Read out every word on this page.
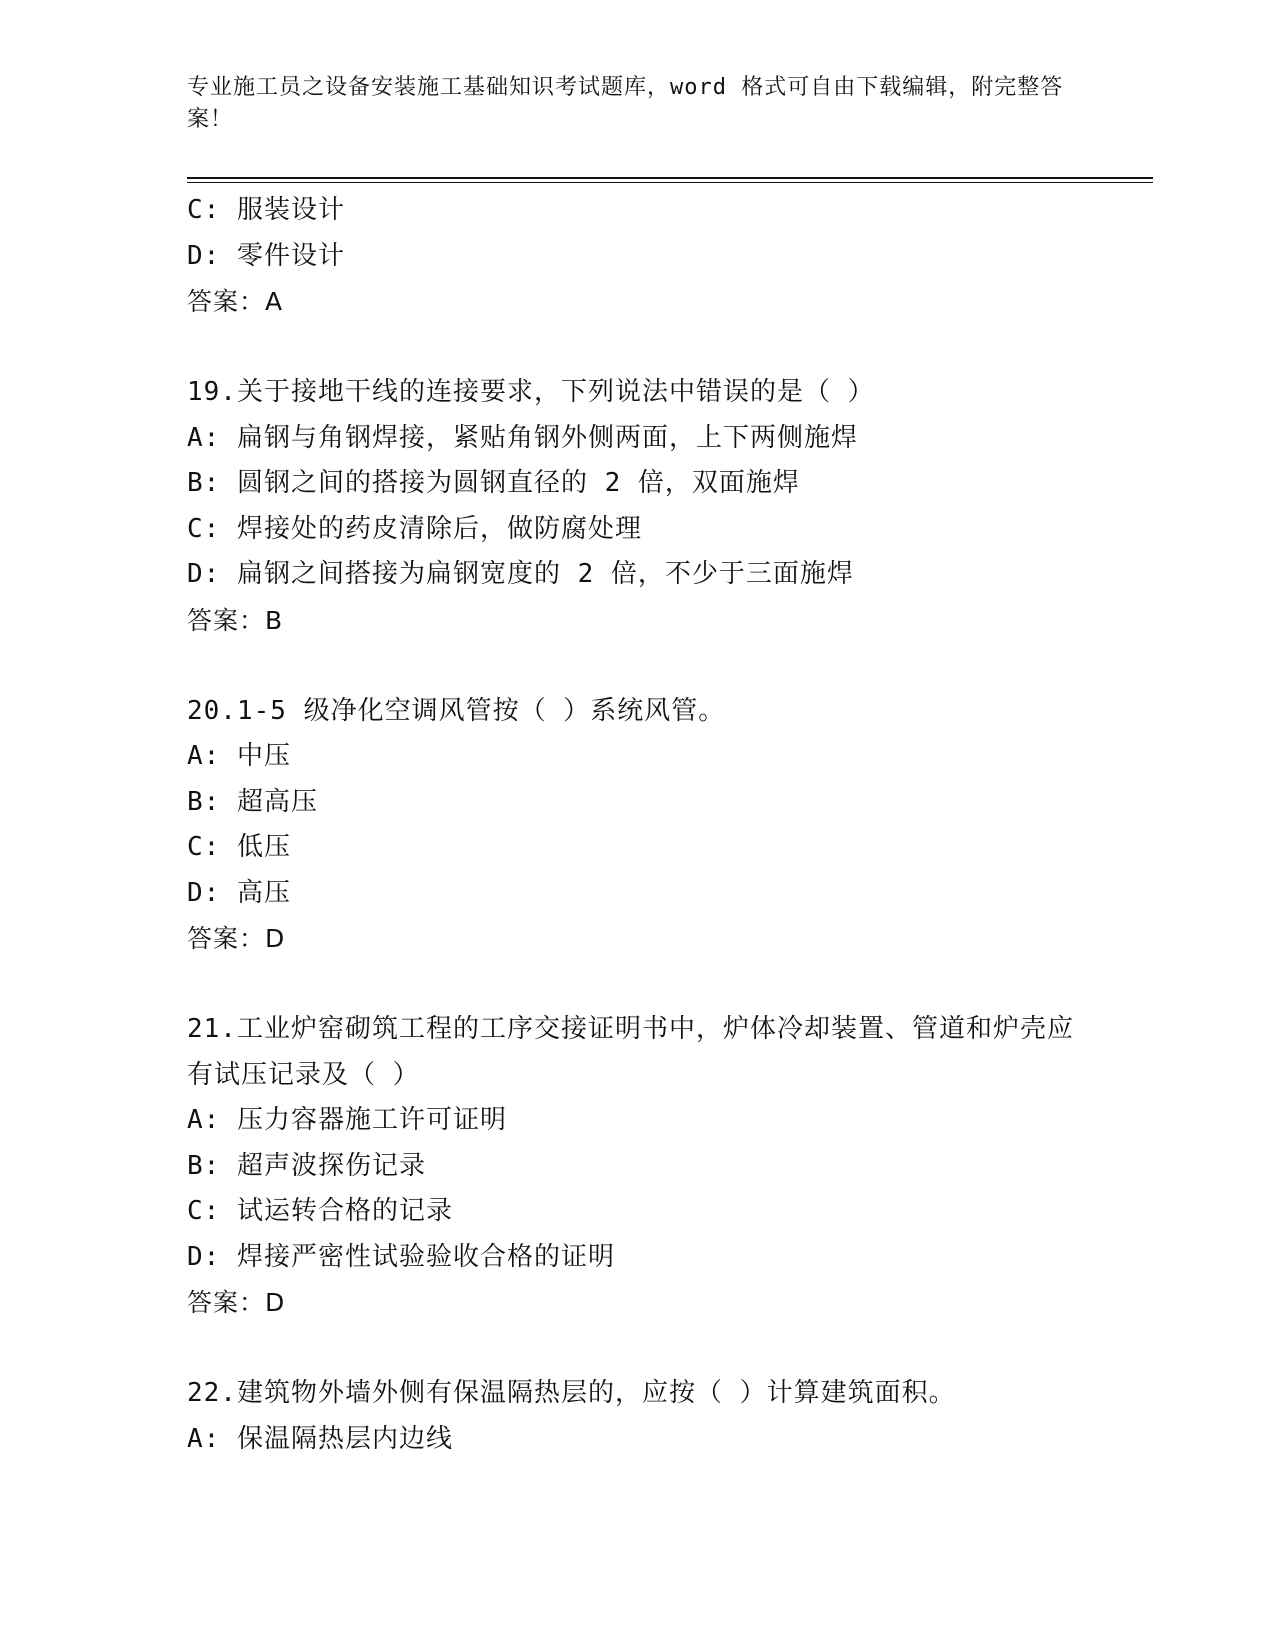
专业施工员之设备安装施工基础知识考试题库，word 格式可自由下载编辑，附完整答案！
C: 服装设计
D: 零件设计
答案：A
19.关于接地干线的连接要求，下列说法中错误的是（ ）
A: 扁钢与角钢焊接，紧贴角钢外侧两面，上下两侧施焊
B: 圆钢之间的搭接为圆钢直径的 2 倍，双面施焊
C: 焊接处的药皮清除后，做防腐处理
D: 扁钢之间搭接为扁钢宽度的 2 倍，不少于三面施焊
答案：B
20.1-5 级净化空调风管按（ ）系统风管。
A: 中压
B: 超高压
C: 低压
D: 高压
答案：D
21.工业炉窑砌筑工程的工序交接证明书中，炉体冷却装置、管道和炉壳应有试压记录及（ ）
A: 压力容器施工许可证明
B: 超声波探伤记录
C: 试运转合格的记录
D: 焊接严密性试验验收合格的证明
答案：D
22.建筑物外墙外侧有保温隔热层的，应按（ ）计算建筑面积。
A: 保温隔热层内边线
